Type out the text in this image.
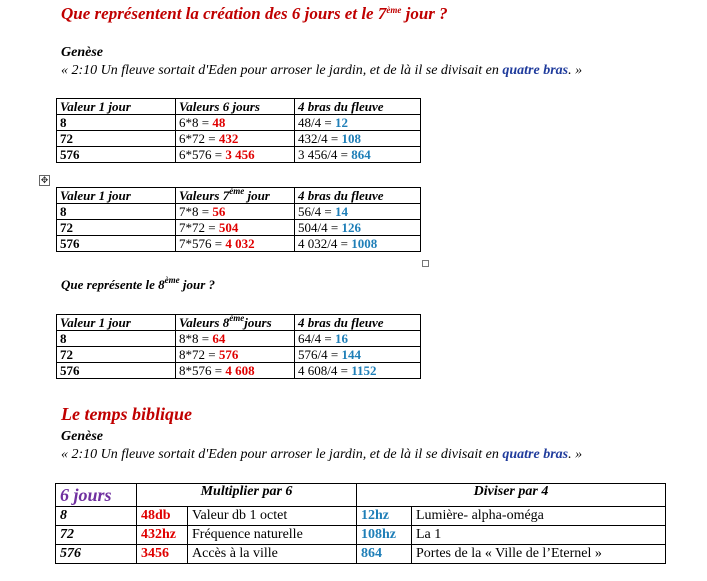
Que représentent la création des 6 jours et le 7ème jour ?
Genèse
« 2:10 Un fleuve sortait d'Eden pour arroser le jardin, et de là il se divisait en quatre bras. »
Valeur 1 jour	Valeurs 6 jours	4 bras du fleuve
8	6*8 = 48	48/4 = 12
72	6*72 = 432	432/4 = 108
576	6*576 = 3 456	3 456/4 = 864
✥
Valeur 1 jour	Valeurs 7ème jour	4 bras du fleuve
8	7*8 = 56	56/4 = 14
72	7*72 = 504	504/4 = 126
576	7*576 = 4 032	4 032/4 = 1008
Que représente le 8ème jour ?
Valeur 1 jour	Valeurs 8èmejours	4 bras du fleuve
8	8*8 = 64	64/4 = 16
72	8*72 = 576	576/4 = 144
576	8*576 = 4 608	4 608/4 = 1152
Le temps biblique
Genèse
« 2:10 Un fleuve sortait d'Eden pour arroser le jardin, et de là il se divisait en quatre bras. »
6 jours	Multiplier par 6		Diviser par 4	
8	48db	Valeur db 1 octet	12hz	Lumière- alpha-oméga
72	432hz	Fréquence naturelle	108hz	La 1
576	3456	Accès à la ville	864	Portes de la « Ville de l’Eternel »
